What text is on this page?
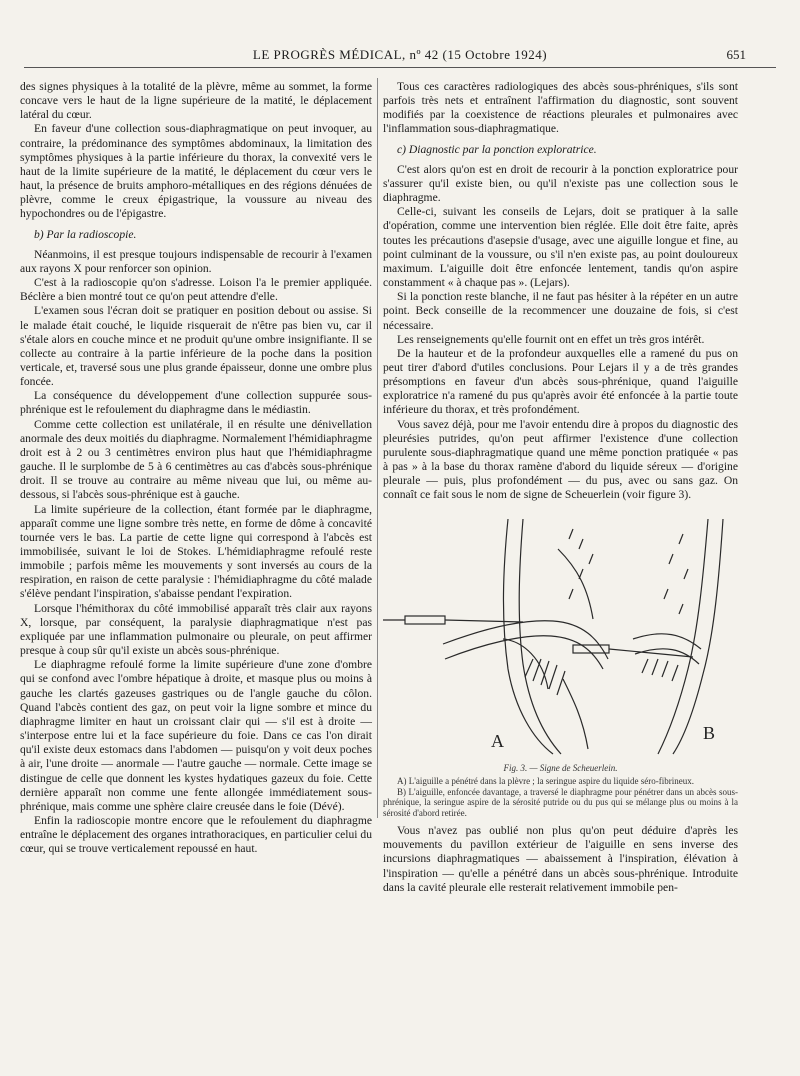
LE PROGRÈS MÉDICAL, nº 42 (15 Octobre 1924)	651

des signes physiques à la totalité de la plèvre, même au sommet, la forme concave vers le haut de la ligne supérieure de la matité, le déplacement latéral du cœur.

En faveur d'une collection sous-diaphragmatique on peut invoquer, au contraire, la prédominance des symptômes abdominaux, la limitation des symptômes physiques à la partie inférieure du thorax, la convexité vers le haut de la limite supérieure de la matité, le déplacement du cœur vers le haut, la présence de bruits amphoro-métalliques en des régions dénuées de plèvre, comme le creux épigastrique, la voussure au niveau des hypochondres ou de l'épigastre.

b) Par la radioscopie.

Néanmoins, il est presque toujours indispensable de recourir à l'examen aux rayons X pour renforcer son opinion.

C'est à la radioscopie qu'on s'adresse. Loison l'a le premier appliquée. Béclère a bien montré tout ce qu'on peut attendre d'elle.

L'examen sous l'écran doit se pratiquer en position debout ou assise. Si le malade était couché, le liquide risquerait de n'être pas bien vu, car il s'étale alors en couche mince et ne produit qu'une ombre insignifiante. Il se collecte au contraire à la partie inférieure de la poche dans la position verticale, et, traversé sous une plus grande épaisseur, donne une ombre plus foncée.

La conséquence du développement d'une collection suppurée sous-phrénique est le refoulement du diaphragme dans le médiastin.

Comme cette collection est unilatérale, il en résulte une dénivellation anormale des deux moitiés du diaphragme. Normalement l'hémidiaphragme droit est à 2 ou 3 centimètres environ plus haut que l'hémidiaphragme gauche. Il le surplombe de 5 à 6 centimètres au cas d'abcès sous-phrénique droit. Il se trouve au contraire au même niveau que lui, ou même au-dessous, si l'abcès sous-phrénique est à gauche.

La limite supérieure de la collection, étant formée par le diaphragme, apparaît comme une ligne sombre très nette, en forme de dôme à concavité tournée vers le bas. La partie de cette ligne qui correspond à l'abcès est immobilisée, suivant le loi de Stokes. L'hémidiaphragme refoulé reste immobile ; parfois même les mouvements y sont inversés au cours de la respiration, en raison de cette paralysie : l'hémidiaphragme du côté malade s'élève pendant l'inspiration, s'abaisse pendant l'expiration.

Lorsque l'hémithorax du côté immobilisé apparaît très clair aux rayons X, lorsque, par conséquent, la paralysie diaphragmatique n'est pas expliquée par une inflammation pulmonaire ou pleurale, on peut affirmer presque à coup sûr qu'il existe un abcès sous-phrénique.

Le diaphragme refoulé forme la limite supérieure d'une zone d'ombre qui se confond avec l'ombre hépatique à droite, et masque plus ou moins à gauche les clartés gazeuses gastriques ou de l'angle gauche du côlon. Quand l'abcès contient des gaz, on peut voir la ligne sombre et mince du diaphragme limiter en haut un croissant clair qui — s'il est à droite — s'interpose entre lui et la face supérieure du foie. Dans ce cas l'on dirait qu'il existe deux estomacs dans l'abdomen — puisqu'on y voit deux poches à air, l'une droite — anormale — l'autre gauche — normale. Cette image se distingue de celle que donnent les kystes hydatiques gazeux du foie. Cette dernière apparaît non comme une fente allongée immédiatement sous-phrénique, mais comme une sphère claire creusée dans le foie (Dévé).

Enfin la radioscopie montre encore que le refoulement du diaphragme entraîne le déplacement des organes intrathoraciques, en particulier celui du cœur, qui se trouve verticalement repoussé en haut.

Tous ces caractères radiologiques des abcès sous-phréniques, s'ils sont parfois très nets et entraînent l'affirmation du diagnostic, sont souvent modifiés par la coexistence de réactions pleurales et pulmonaires avec l'inflammation sous-diaphragmatique.

c) Diagnostic par la ponction exploratrice.

C'est alors qu'on est en droit de recourir à la ponction exploratrice pour s'assurer qu'il existe bien, ou qu'il n'existe pas une collection sous le diaphragme.

Celle-ci, suivant les conseils de Lejars, doit se pratiquer à la salle d'opération, comme une intervention bien réglée. Elle doit être faite, après toutes les précautions d'asepsie d'usage, avec une aiguille longue et fine, au point culminant de la voussure, ou s'il n'en existe pas, au point douloureux maximum. L'aiguille doit être enfoncée lentement, tandis qu'on aspire constamment « à chaque pas ». (Lejars).

Si la ponction reste blanche, il ne faut pas hésiter à la répéter en un autre point. Beck conseille de la recommencer une douzaine de fois, si c'est nécessaire.

Les renseignements qu'elle fournit ont en effet un très gros intérêt.

De la hauteur et de la profondeur auxquelles elle a ramené du pus on peut tirer d'abord d'utiles conclusions. Pour Lejars il y a de très grandes présomptions en faveur d'un abcès sous-phrénique, quand l'aiguille exploratrice n'a ramené du pus qu'après avoir été enfoncée à la partie toute inférieure du thorax, et très profondément.

Vous savez déjà, pour me l'avoir entendu dire à propos du diagnostic des pleurésies putrides, qu'on peut affirmer l'existence d'une collection purulente sous-diaphragmatique quand une même ponction pratiquée « pas à pas » à la base du thorax ramène d'abord du liquide séreux — d'origine pleurale — puis, plus profondément — du pus, avec ou sans gaz. On connaît ce fait sous le nom de signe de Scheuerlein (voir figure 3).

A	B
Fig. 3. — Signe de Scheuerlein.

A) L'aiguille a pénétré dans la plèvre ; la seringue aspire du liquide séro-fibrineux.

B) L'aiguille, enfoncée davantage, a traversé le diaphragme pour pénétrer dans un abcès sous-phrénique, la seringue aspire de la sérosité putride ou du pus qui se mélange plus ou moins à la sérosité d'abord retirée.

Vous n'avez pas oublié non plus qu'on peut déduire d'après les mouvements du pavillon extérieur de l'aiguille en sens inverse des incursions diaphragmatiques — abaissement à l'inspiration, élévation à l'inspiration — qu'elle a pénétré dans un abcès sous-phrénique. Introduite dans la cavité pleurale elle resterait relativement immobile pen-
